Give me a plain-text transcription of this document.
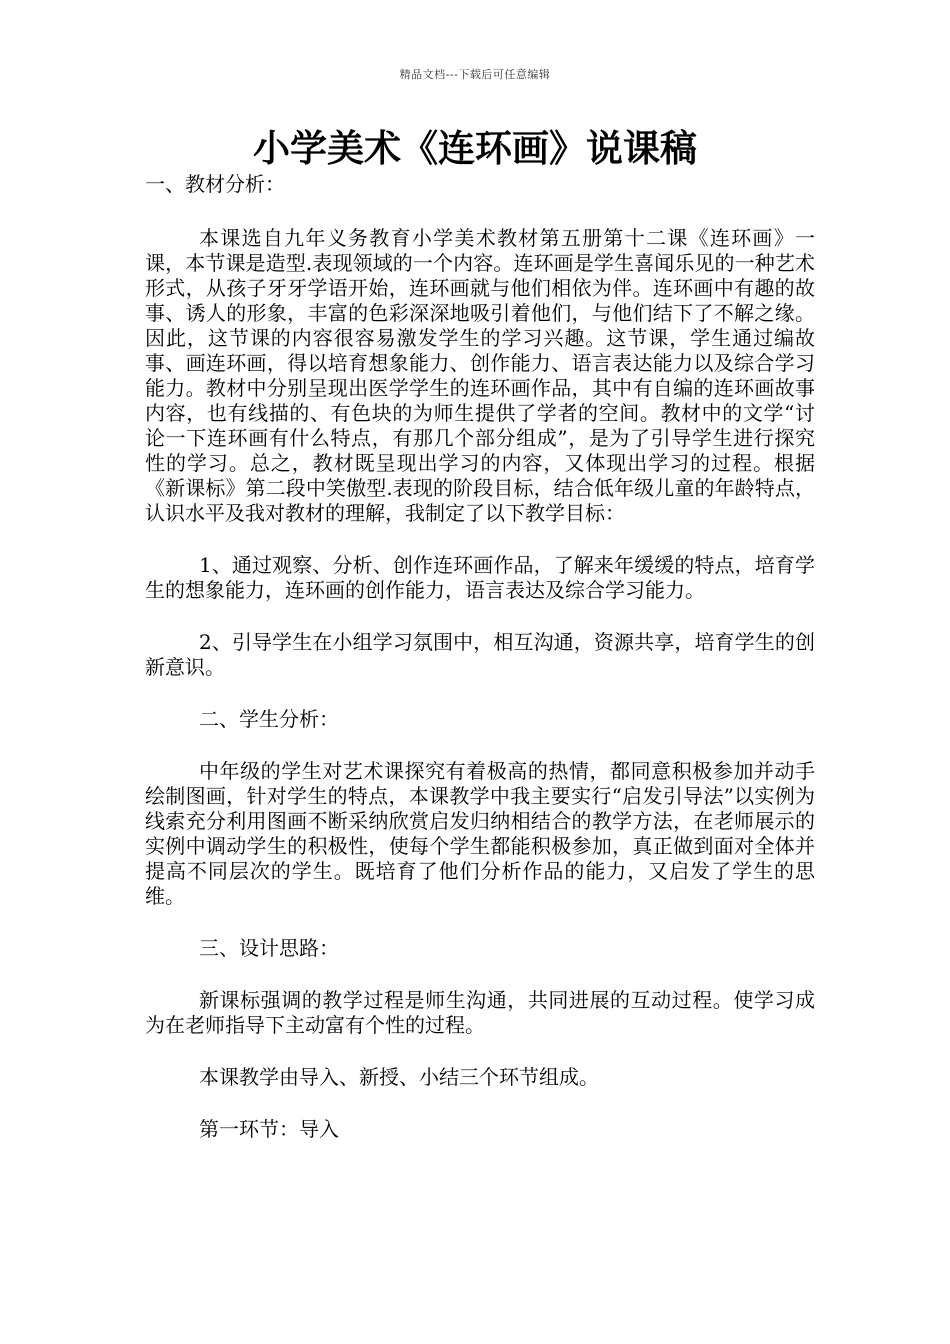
精品文档---下载后可任意编辑
小学美术《连环画》说课稿

一、教材分析：

本课选自九年义务教育小学美术教材第五册第十二课《连环画》一课，本节课是造型.表现领域的一个内容。连环画是学生喜闻乐见的一种艺术形式，从孩子牙牙学语开始，连环画就与他们相依为伴。连环画中有趣的故事、诱人的形象，丰富的色彩深深地吸引着他们，与他们结下了不解之缘。因此，这节课的内容很容易激发学生的学习兴趣。这节课，学生通过编故事、画连环画，得以培育想象能力、创作能力、语言表达能力以及综合学习能力。教材中分别呈现出医学学生的连环画作品，其中有自编的连环画故事内容，也有线描的、有色块的为师生提供了学者的空间。教材中的文学“讨论一下连环画有什么特点，有那几个部分组成”，是为了引导学生进行探究性的学习。总之，教材既呈现出学习的内容，又体现出学习的过程。根据《新课标》第二段中笑傲型.表现的阶段目标，结合低年级儿童的年龄特点，认识水平及我对教材的理解，我制定了以下教学目标：

1、通过观察、分析、创作连环画作品，了解来年缓缓的特点，培育学生的想象能力，连环画的创作能力，语言表达及综合学习能力。

2、引导学生在小组学习氛围中，相互沟通，资源共享，培育学生的创新意识。

二、学生分析：

中年级的学生对艺术课探究有着极高的热情，都同意积极参加并动手绘制图画，针对学生的特点，本课教学中我主要实行“启发引导法”以实例为线索充分利用图画不断采纳欣赏启发归纳相结合的教学方法，在老师展示的实例中调动学生的积极性，使每个学生都能积极参加，真正做到面对全体并提高不同层次的学生。既培育了他们分析作品的能力，又启发了学生的思维。

三、设计思路：

新课标强调的教学过程是师生沟通，共同进展的互动过程。使学习成为在老师指导下主动富有个性的过程。

本课教学由导入、新授、小结三个环节组成。

第一环节：导入
